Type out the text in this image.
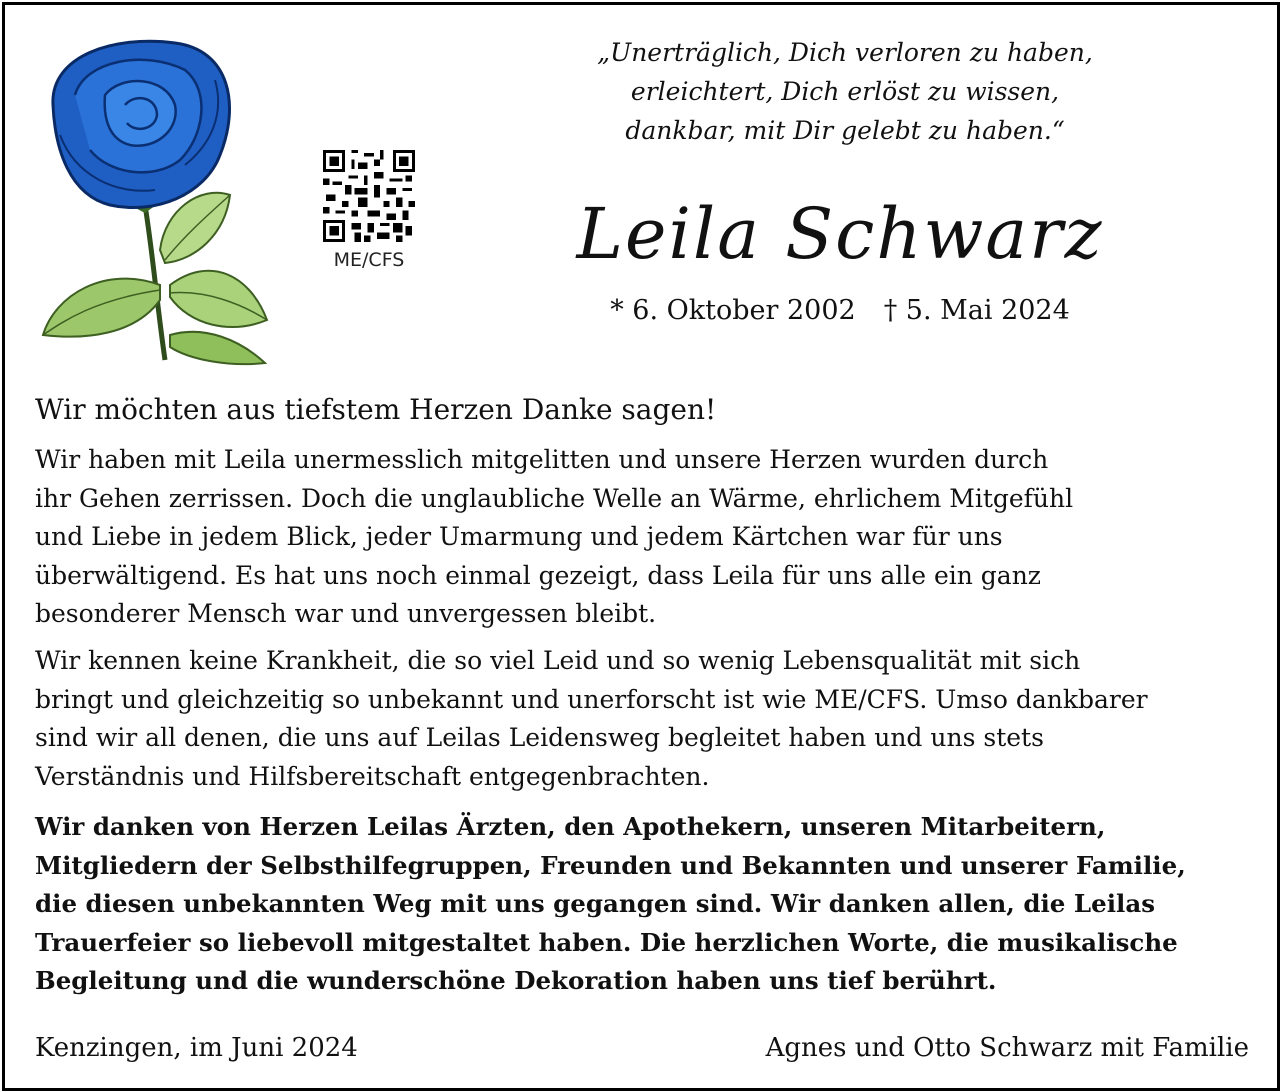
ME/CFS
„Unerträglich, Dich verloren zu haben,
erleichtert, Dich erlöst zu wissen,
dankbar, mit Dir gelebt zu haben.“
Leila Schwarz
* 6. Oktober 2002 † 5. Mai 2024
Wir möchten aus tiefstem Herzen Danke sagen!
Wir haben mit Leila unermesslich mitgelitten und unsere Herzen wurden durch
ihr Gehen zerrissen. Doch die unglaubliche Welle an Wärme, ehrlichem Mitgefühl
und Liebe in jedem Blick, jeder Umarmung und jedem Kärtchen war für uns
überwältigend. Es hat uns noch einmal gezeigt, dass Leila für uns alle ein ganz
besonderer Mensch war und unvergessen bleibt.
Wir kennen keine Krankheit, die so viel Leid und so wenig Lebensqualität mit sich
bringt und gleichzeitig so unbekannt und unerforscht ist wie ME/CFS. Umso dankbarer
sind wir all denen, die uns auf Leilas Leidensweg begleitet haben und uns stets
Verständnis und Hilfsbereitschaft entgegenbrachten.
Wir danken von Herzen Leilas Ärzten, den Apothekern, unseren Mitarbeitern,
Mitgliedern der Selbsthilfegruppen, Freunden und Bekannten und unserer Familie,
die diesen unbekannten Weg mit uns gegangen sind. Wir danken allen, die Leilas
Trauerfeier so liebevoll mitgestaltet haben. Die herzlichen Worte, die musikalische
Begleitung und die wunderschöne Dekoration haben uns tief berührt.
Kenzingen, im Juni 2024	Agnes und Otto Schwarz mit Familie
